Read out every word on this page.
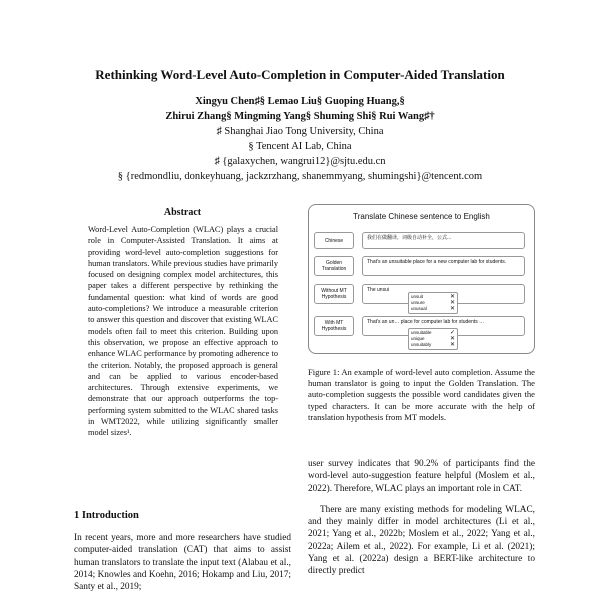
Rethinking Word-Level Auto-Completion in Computer-Aided Translation
Xingyu Chen♯§ Lemao Liu§ Guoping Huang,§
Zhirui Zhang§ Mingming Yang§ Shuming Shi§ Rui Wang♯†
♯ Shanghai Jiao Tong University, China
§ Tencent AI Lab, China
♯ {galaxychen, wangrui12}@sjtu.edu.cn
§ {redmondliu, donkeyhuang, jackzrzhang, shanemmyang, shumingshi}@tencent.com
Abstract
Word-Level Auto-Completion (WLAC) plays a crucial role in Computer-Assisted Translation. It aims at providing word-level auto-completion suggestions for human translators. While previous studies have primarily focused on designing complex model architectures, this paper takes a different perspective by rethinking the fundamental question: what kind of words are good auto-completions? We introduce a measurable criterion to answer this question and discover that existing WLAC models often fail to meet this criterion. Building upon this observation, we propose an effective approach to enhance WLAC performance by promoting adherence to the criterion. Notably, the proposed approach is general and can be applied to various encoder-based architectures. Through extensive experiments, we demonstrate that our approach outperforms the top-performing system submitted to the WLAC shared tasks in WMT2022, while utilizing significantly smaller model sizes¹.
1 Introduction
In recent years, more and more researchers have studied computer-aided translation (CAT) that aims to assist human translators to translate the input text (Alabau et al., 2014; Knowles and Koehn, 2016; Hokamp and Liu, 2017; Santy et al., 2019;
Translate Chinese sentence to English
Chinese	我们在做翻译，词级自动补全，公式...
Golden Translation
That's an unsuitable place for a new computer lab for students.
Without MT Hypothesis
The unsui
With MT Hypothesis
That's an un… place for computer lab for students …
unsuit	✕
unsure	✕
unusual	✕
unsuitable	✓
unique	✕
unsuitably	✕
Figure 1: An example of word-level auto completion. Assume the human translator is going to input the Golden Translation. The auto-completion suggests the possible word candidates given the typed characters. It can be more accurate with the help of translation hypothesis from MT models.

user survey indicates that 90.2% of participants find the word-level auto-suggestion feature helpful (Moslem et al., 2022). Therefore, WLAC plays an important role in CAT.

There are many existing methods for modeling WLAC, and they mainly differ in model architectures (Li et al., 2021; Yang et al., 2022b; Moslem et al., 2022; Yang et al., 2022a; Ailem et al., 2022). For example, Li et al. (2021); Yang et al. (2022a) design a BERT-like architecture to directly predict
